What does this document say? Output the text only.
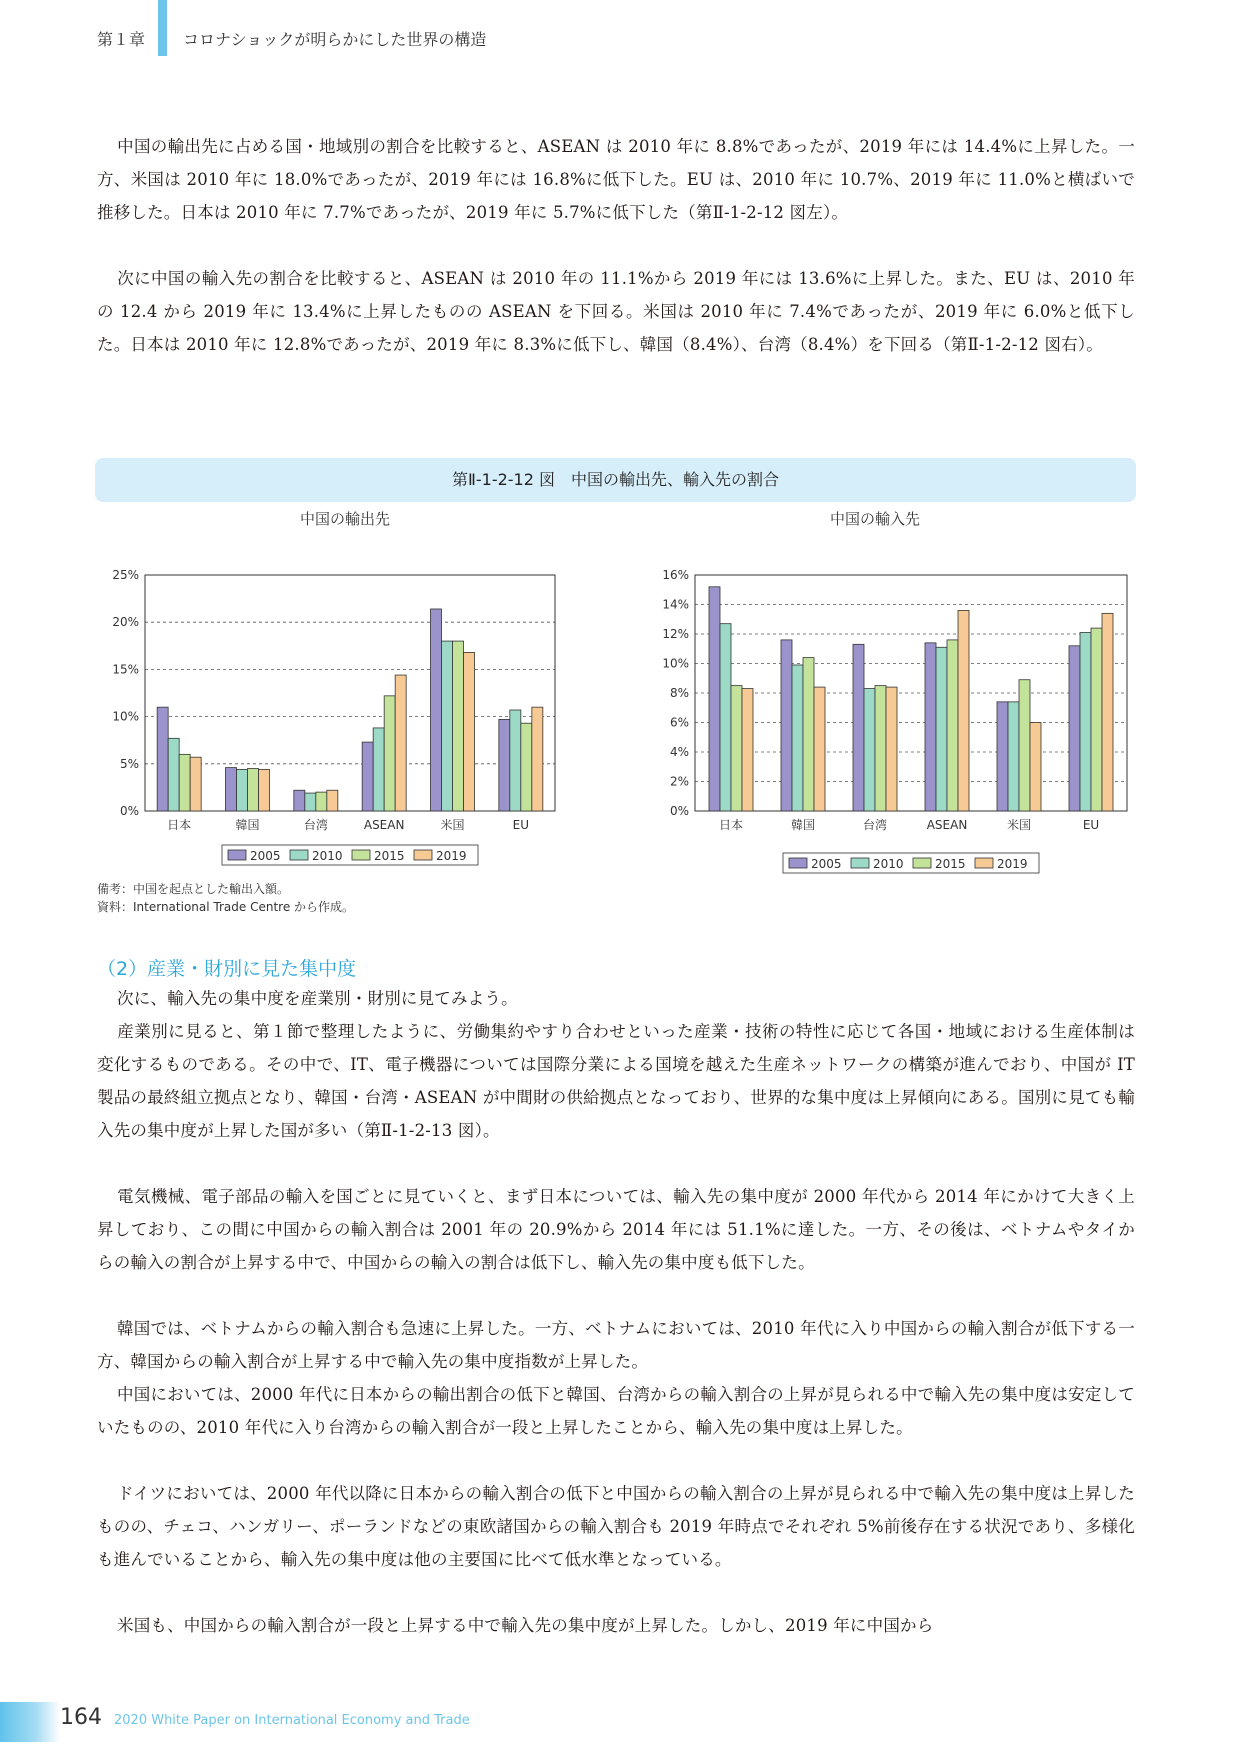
第１章 コロナショックが明らかにした世界の構造

中国の輸出先に占める国・地域別の割合を比較すると、ASEAN は 2010 年に 8.8%であったが、2019 年には 14.4%に上昇した。一方、米国は 2010 年に 18.0%であったが、2019 年には 16.8%に低下した。EU は、2010 年に 10.7%、2019 年に 11.0%と横ばいで推移した。日本は 2010 年に 7.7%であったが、2019 年に 5.7%に低下した（第Ⅱ-1-2-12 図左）。

次に中国の輸入先の割合を比較すると、ASEAN は 2010 年の 11.1%から 2019 年には 13.6%に上昇した。また、EU は、2010 年の 12.4 から 2019 年に 13.4%に上昇したものの ASEAN を下回る。米国は 2010 年に 7.4%であったが、2019 年に 6.0%と低下した。日本は 2010 年に 12.8%であったが、2019 年に 8.3%に低下し、韓国（8.4%）、台湾（8.4%）を下回る（第Ⅱ-1-2-12 図右）。

第Ⅱ-1-2-12 図　中国の輸出先、輸入先の割合
中国の輸出先	中国の輸入先
0%
5%
10%
15%
20%
25%
日本	韓国	台湾	ASEAN	米国	EU
2005	2010	2015	2019
0%
2%
4%
6%
8%
10%
12%
14%
16%
日本	韓国	台湾	ASEAN	米国	EU
2005	2010	2015	2019
備考：中国を起点とした輸出入額。
資料：International Trade Centre から作成。
（2）産業・財別に見た集中度

次に、輸入先の集中度を産業別・財別に見てみよう。

産業別に見ると、第１節で整理したように、労働集約やすり合わせといった産業・技術の特性に応じて各国・地域における生産体制は変化するものである。その中で、IT、電子機器については国際分業による国境を越えた生産ネットワークの構築が進んでおり、中国が IT 製品の最終組立拠点となり、韓国・台湾・ASEAN が中間財の供給拠点となっており、世界的な集中度は上昇傾向にある。国別に見ても輸入先の集中度が上昇した国が多い（第Ⅱ-1-2-13 図）。

電気機械、電子部品の輸入を国ごとに見ていくと、まず日本については、輸入先の集中度が 2000 年代から 2014 年にかけて大きく上昇しており、この間に中国からの輸入割合は 2001 年の 20.9%から 2014 年には 51.1%に達した。一方、その後は、ベトナムやタイからの輸入の割合が上昇する中で、中国からの輸入の割合は低下し、輸入先の集中度も低下した。

韓国では、ベトナムからの輸入割合も急速に上昇した。一方、ベトナムにおいては、2010 年代に入り中国からの輸入割合が低下する一方、韓国からの輸入割合が上昇する中で輸入先の集中度指数が上昇した。

中国においては、2000 年代に日本からの輸出割合の低下と韓国、台湾からの輸入割合の上昇が見られる中で輸入先の集中度は安定していたものの、2010 年代に入り台湾からの輸入割合が一段と上昇したことから、輸入先の集中度は上昇した。

ドイツにおいては、2000 年代以降に日本からの輸入割合の低下と中国からの輸入割合の上昇が見られる中で輸入先の集中度は上昇したものの、チェコ、ハンガリー、ポーランドなどの東欧諸国からの輸入割合も 2019 年時点でそれぞれ 5%前後存在する状況であり、多様化も進んでいることから、輸入先の集中度は他の主要国に比べて低水準となっている。

米国も、中国からの輸入割合が一段と上昇する中で輸入先の集中度が上昇した。しかし、2019 年に中国から

164 2020 White Paper on International Economy and Trade
